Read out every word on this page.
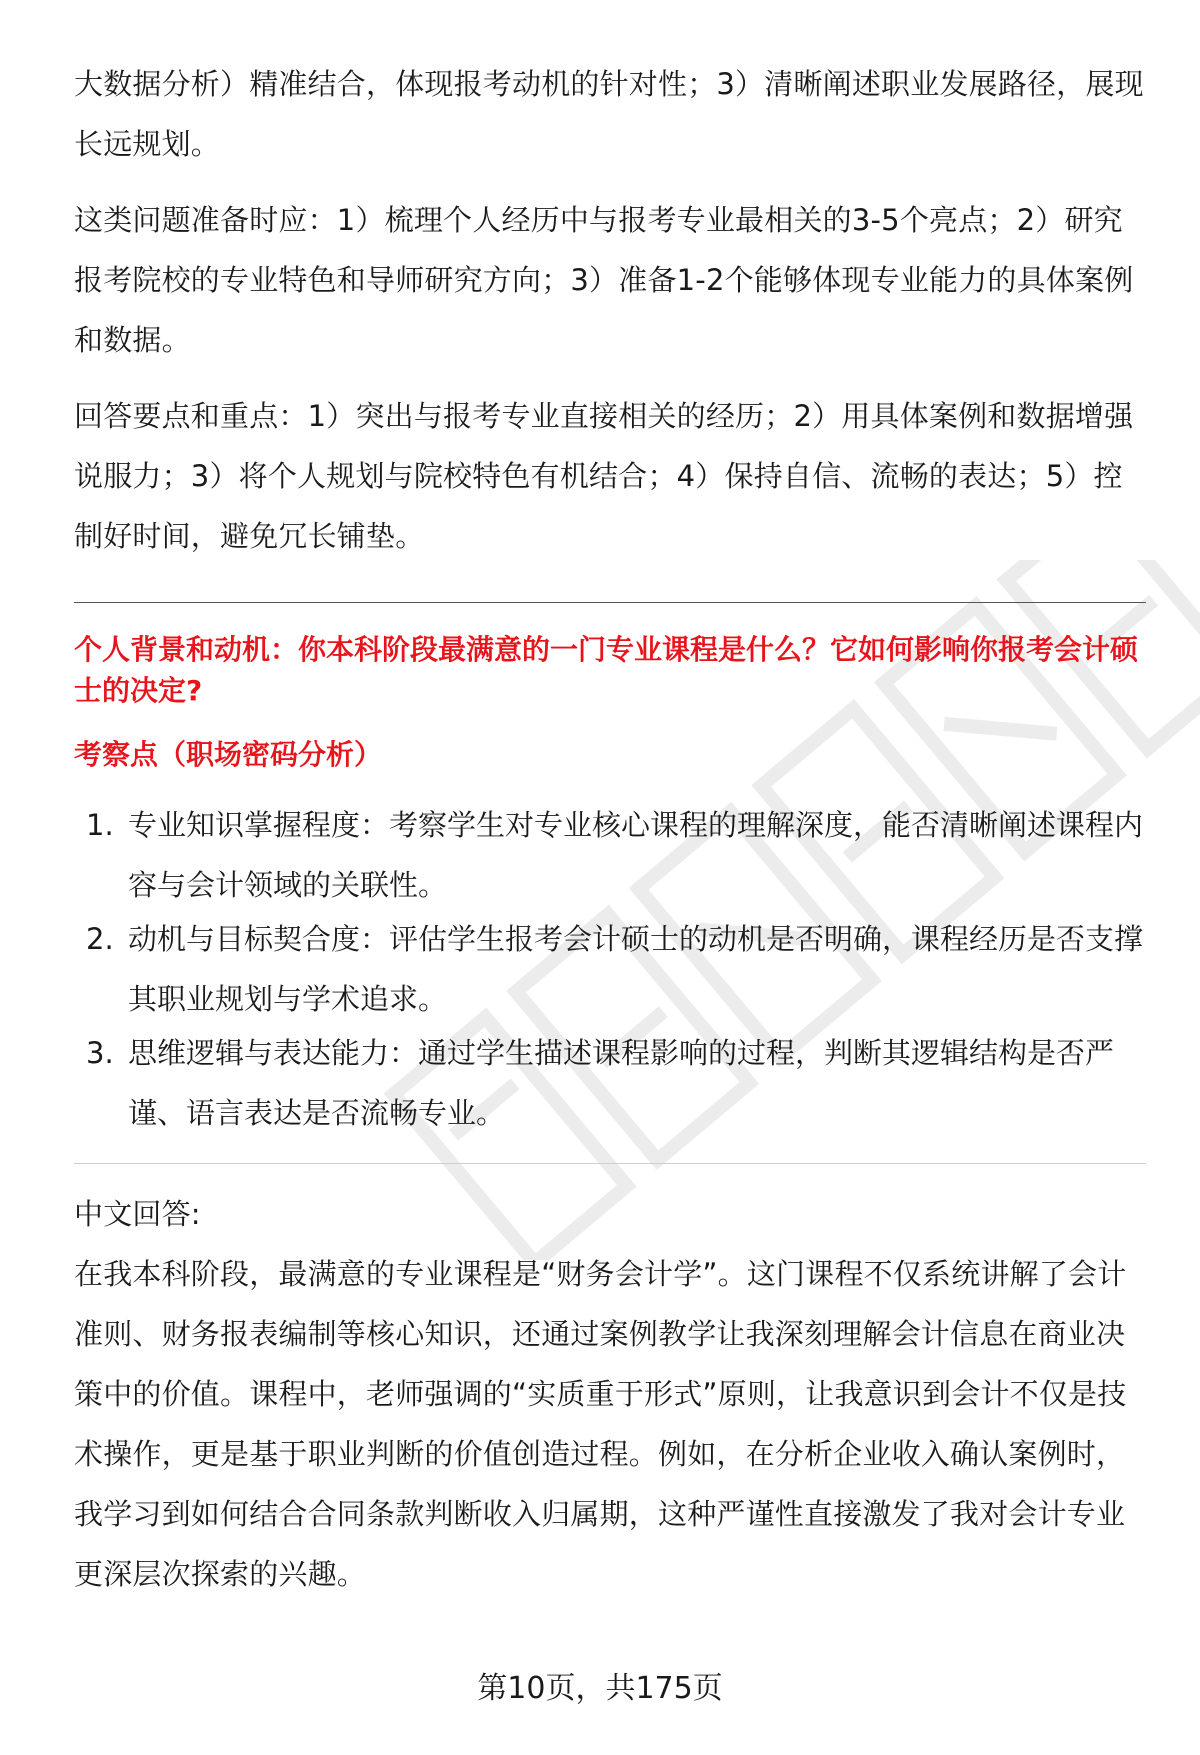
大数据分析）精准结合，体现报考动机的针对性；3）清晰阐述职业发展路径，展现长远规划。

这类问题准备时应：1）梳理个人经历中与报考专业最相关的3-5个亮点；2）研究报考院校的专业特色和导师研究方向；3）准备1-2个能够体现专业能力的具体案例和数据。

回答要点和重点：1）突出与报考专业直接相关的经历；2）用具体案例和数据增强说服力；3）将个人规划与院校特色有机结合；4）保持自信、流畅的表达；5）控制好时间，避免冗长铺垫。

个人背景和动机：你本科阶段最满意的一门专业课程是什么？它如何影响你报考会计硕士的决定?

考察点（职场密码分析）

1. 专业知识掌握程度：考察学生对专业核心课程的理解深度，能否清晰阐述课程内容与会计领域的关联性。
2. 动机与目标契合度：评估学生报考会计硕士的动机是否明确，课程经历是否支撑其职业规划与学术追求。
3. 思维逻辑与表达能力：通过学生描述课程影响的过程，判断其逻辑结构是否严谨、语言表达是否流畅专业。

中文回答:

在我本科阶段，最满意的专业课程是“财务会计学”。这门课程不仅系统讲解了会计准则、财务报表编制等核心知识，还通过案例教学让我深刻理解会计信息在商业决策中的价值。课程中，老师强调的“实质重于形式”原则，让我意识到会计不仅是技术操作，更是基于职业判断的价值创造过程。例如，在分析企业收入确认案例时，我学习到如何结合合同条款判断收入归属期，这种严谨性直接激发了我对会计专业更深层次探索的兴趣。

第10页，共175页
